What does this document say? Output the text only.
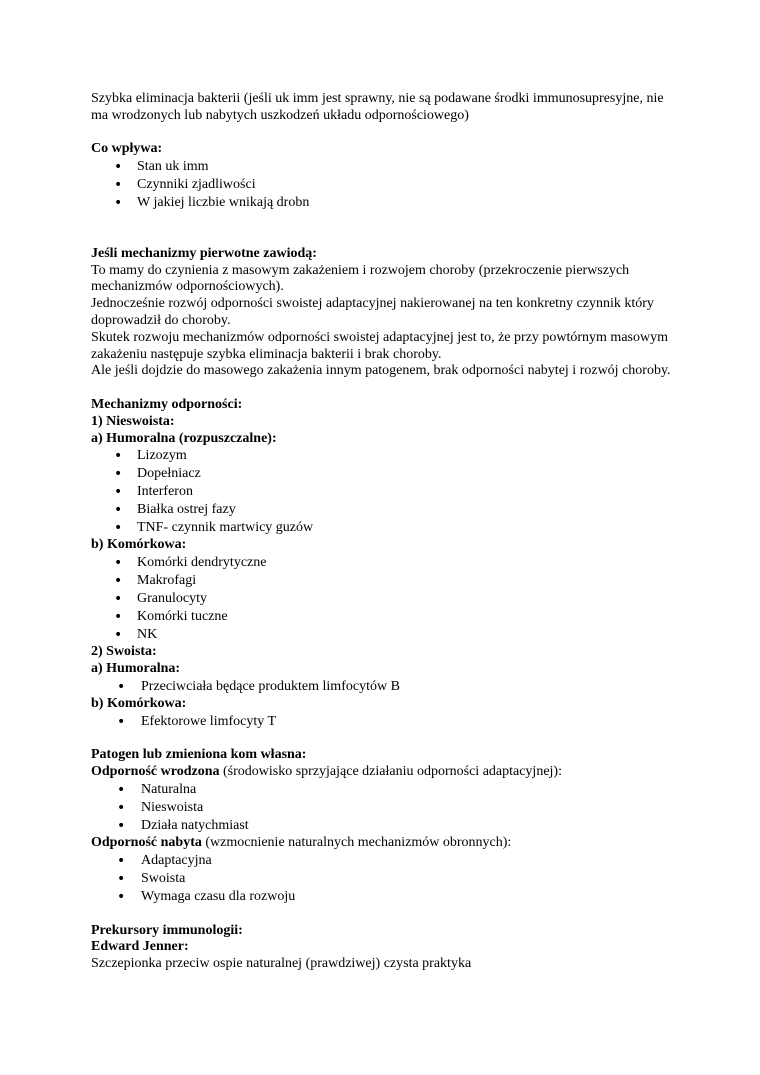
Szybka eliminacja bakterii (jeśli uk imm jest sprawny, nie są podawane środki immunosupresyjne, nie ma wrodzonych lub nabytych uszkodzeń układu odpornościowego)

Co wpływa:

• Stan uk imm
• Czynniki zjadliwości
• W jakiej liczbie wnikają drobn

Jeśli mechanizmy pierwotne zawiodą:

To mamy do czynienia z masowym zakażeniem i rozwojem choroby (przekroczenie pierwszych mechanizmów odpornościowych).

Jednocześnie rozwój odporności swoistej adaptacyjnej nakierowanej na ten konkretny czynnik który doprowadził do choroby.

Skutek rozwoju mechanizmów odporności swoistej adaptacyjnej jest to, że przy powtórnym masowym zakażeniu następuje szybka eliminacja bakterii i brak choroby.

Ale jeśli dojdzie do masowego zakażenia innym patogenem, brak odporności nabytej i rozwój choroby.

Mechanizmy odporności:

1) Nieswoista:

a) Humoralna (rozpuszczalne):

• Lizozym
• Dopełniacz
• Interferon
• Białka ostrej fazy
• TNF- czynnik martwicy guzów

b) Komórkowa:

• Komórki dendrytyczne
• Makrofagi
• Granulocyty
• Komórki tuczne
• NK

2) Swoista:

a) Humoralna:

• Przeciwciała będące produktem limfocytów B

b) Komórkowa:

• Efektorowe limfocyty T

Patogen lub zmieniona kom własna:

Odporność wrodzona (środowisko sprzyjające działaniu odporności adaptacyjnej):

• Naturalna
• Nieswoista
• Działa natychmiast

Odporność nabyta (wzmocnienie naturalnych mechanizmów obronnych):

• Adaptacyjna
• Swoista
• Wymaga czasu dla rozwoju

Prekursory immunologii:

Edward Jenner:

Szczepionka przeciw ospie naturalnej (prawdziwej) czysta praktyka
